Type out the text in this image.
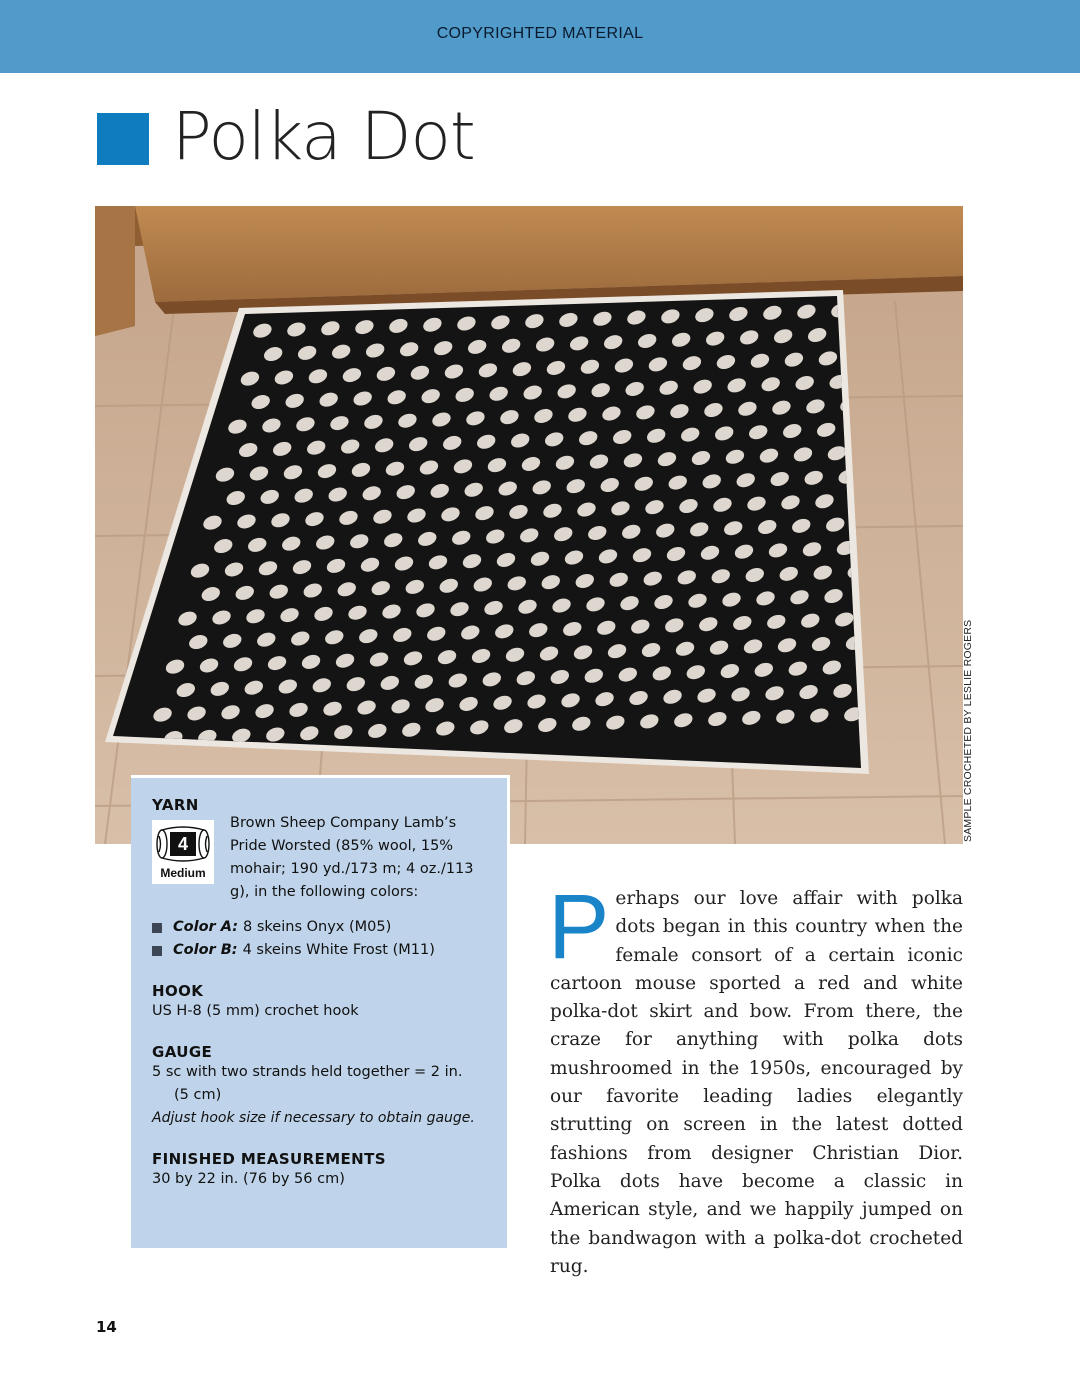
COPYRIGHTED MATERIAL
Polka Dot
SAMPLE CROCHETED BY LESLIE ROGERS

YARN

4
Medium
Brown Sheep Company Lamb’s Pride Worsted (85% wool, 15% mohair; 190 yd./173 m; 4 oz./113 g), in the following colors:
Color A: 8 skeins Onyx (M05)
Color B: 4 skeins White Frost (M11)

HOOK

US H-8 (5 mm) crochet hook

GAUGE

5 sc with two strands held together = 2 in.

(5 cm)

Adjust hook size if necessary to obtain gauge.

FINISHED MEASUREMENTS

30 by 22 in. (76 by 56 cm)

Perhaps our love affair with polka dots began in this country when the female consort of a certain iconic cartoon mouse sported a red and white polka-dot skirt and bow. From there, the craze for anything with polka dots mushroomed in the 1950s, encouraged by our favorite leading ladies elegantly strutting on screen in the latest dotted fashions from designer Christian Dior. Polka dots have become a classic in American style, and we happily jumped on the bandwagon with a polka-dot crocheted rug.

14
